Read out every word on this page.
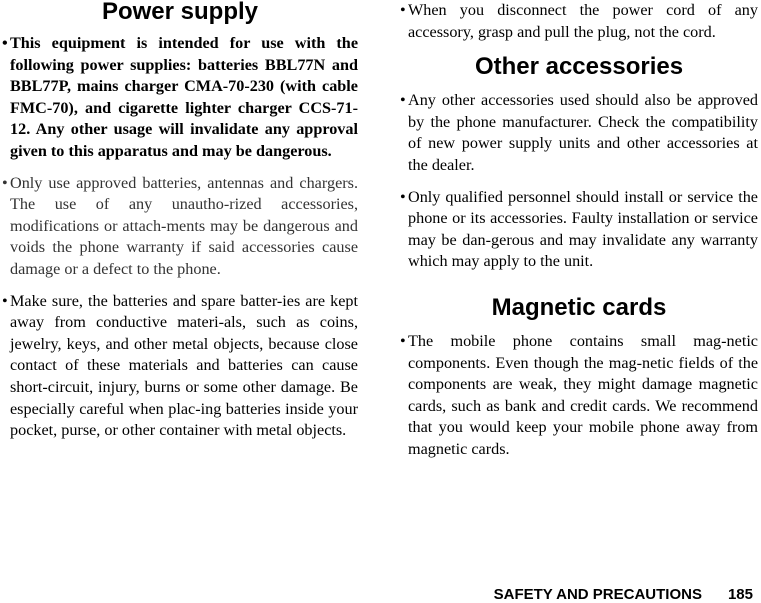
Power supply

• This equipment is intended for use with the following power supplies: batteries BBL77N and BBL77P, mains charger CMA-70-230 (with cable FMC-70), and cigarette lighter charger CCS-71-12. Any other usage will invalidate any approval given to this apparatus and may be dangerous.

• Only use approved batteries, antennas and chargers. The use of any unautho-rized accessories, modifications or attach-ments may be dangerous and voids the phone warranty if said accessories cause damage or a defect to the phone.

• Make sure, the batteries and spare batter-ies are kept away from conductive materi-als, such as coins, jewelry, keys, and other metal objects, because close contact of these materials and batteries can cause short-circuit, injury, burns or some other damage. Be especially careful when plac-ing batteries inside your pocket, purse, or other container with metal objects.

• When you disconnect the power cord of any accessory, grasp and pull the plug, not the cord.

Other accessories

• Any other accessories used should also be approved by the phone manufacturer. Check the compatibility of new power supply units and other accessories at the dealer.

• Only qualified personnel should install or service the phone or its accessories. Faulty installation or service may be dan-gerous and may invalidate any warranty which may apply to the unit.

Magnetic cards

• The mobile phone contains small mag-netic components. Even though the mag-netic fields of the components are weak, they might damage magnetic cards, such as bank and credit cards. We recommend that you would keep your mobile phone away from magnetic cards.

SAFETY AND PRECAUTIONS 185
